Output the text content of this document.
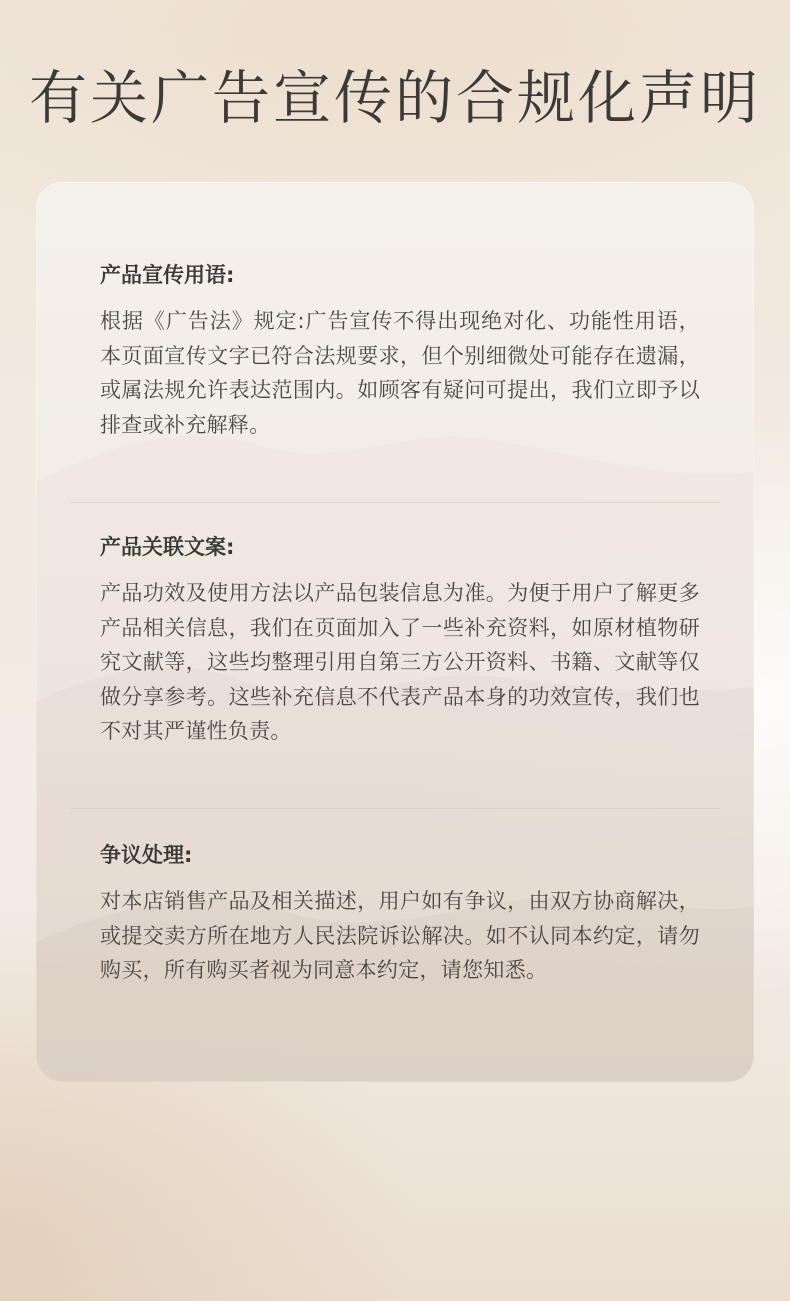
有关广告宣传的合规化声明
产品宣传用语:

根据《广告法》规定:广告宣传不得出现绝对化、功能性用语，本页面宣传文字已符合法规要求，但个别细微处可能存在遗漏，或属法规允许表达范围内。如顾客有疑问可提出，我们立即予以排查或补充解释。

产品关联文案:

产品功效及使用方法以产品包装信息为准。为便于用户了解更多产品相关信息，我们在页面加入了一些补充资料，如原材植物研究文献等，这些均整理引用自第三方公开资料、书籍、文献等仅做分享参考。这些补充信息不代表产品本身的功效宣传，我们也不对其严谨性负责。

争议处理:

对本店销售产品及相关描述，用户如有争议，由双方协商解决，或提交卖方所在地方人民法院诉讼解决。如不认同本约定，请勿购买，所有购买者视为同意本约定，请您知悉。
